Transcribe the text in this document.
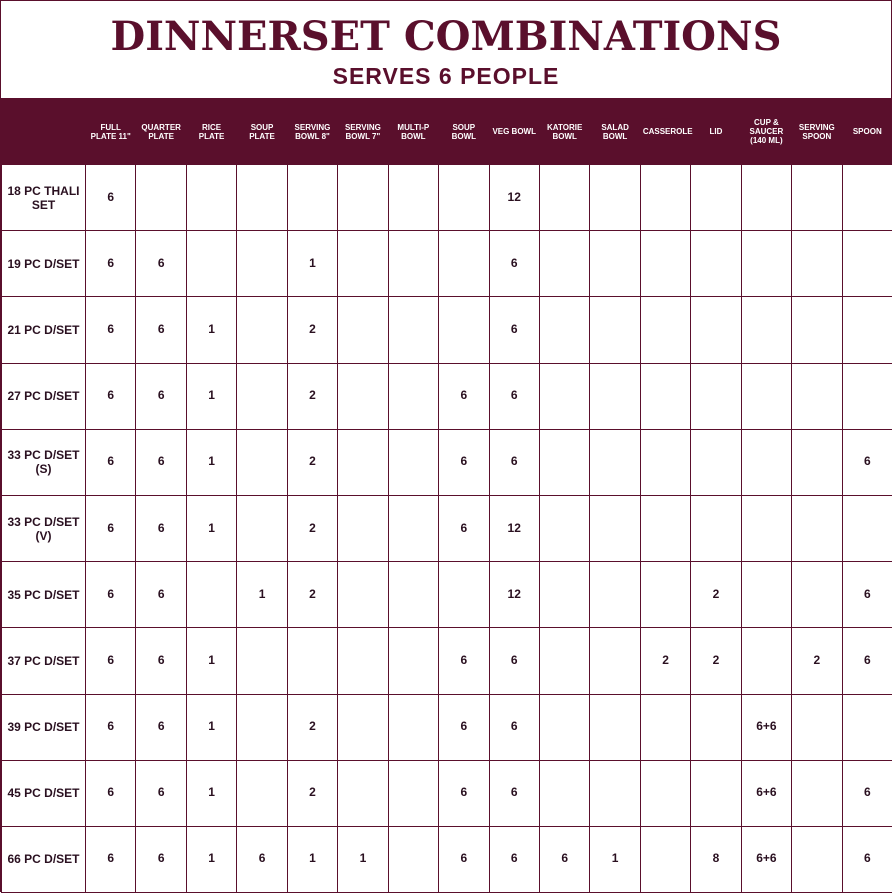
DINNERSET COMBINATIONS
SERVES 6 PEOPLE
	FULL PLATE 11"	QUARTER PLATE	RICE PLATE	SOUP PLATE	SERVING BOWL 8"	SERVING BOWL 7"	MULTI-P BOWL	SOUP BOWL	VEG BOWL	KATORIE BOWL	SALAD BOWL	CASSEROLE	LID	CUP & SAUCER (140 ML)	SERVING SPOON	SPOON
18 PC THALI SET	6								12							
19 PC D/SET	6	6			1				6							
21 PC D/SET	6	6	1		2				6							
27 PC D/SET	6	6	1		2			6	6							
33 PC D/SET (S)	6	6	1		2			6	6							6
33 PC D/SET (V)	6	6	1		2			6	12							
35 PC D/SET	6	6		1	2				12				2			6
37 PC D/SET	6	6	1					6	6			2	2		2	6
39 PC D/SET	6	6	1		2			6	6					6+6		
45 PC D/SET	6	6	1		2			6	6					6+6		6
66 PC D/SET	6	6	1	6	1	1		6	6	6	1		8	6+6		6
